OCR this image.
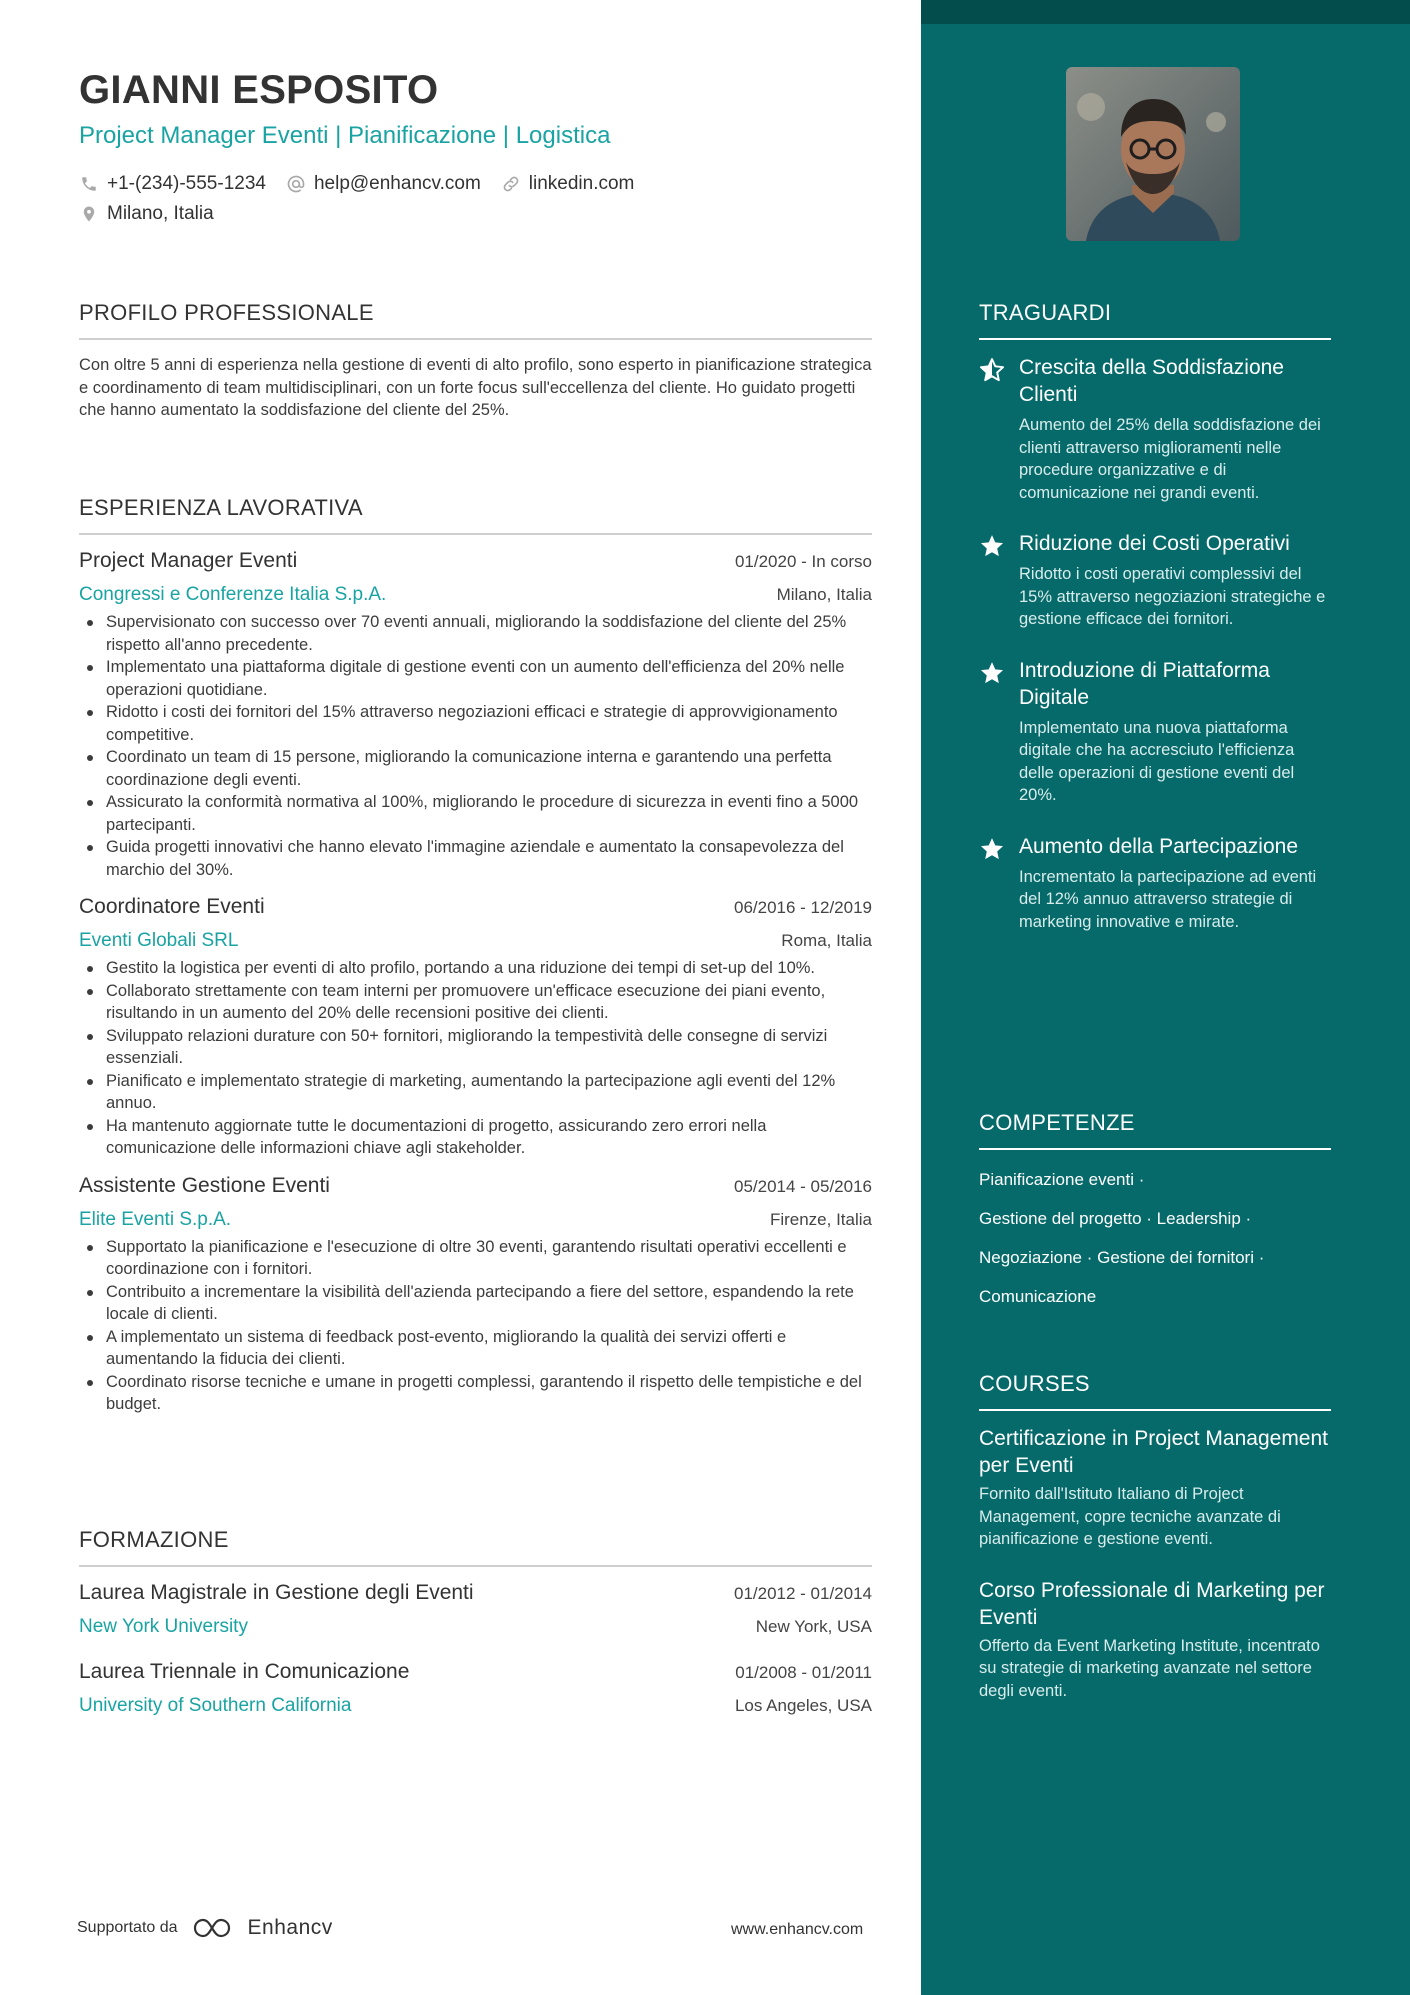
GIANNI ESPOSITO
Project Manager Eventi | Pianificazione | Logistica
+1-(234)-555-1234	help@enhancv.com	linkedin.com
Milano, Italia
PROFILO PROFESSIONALE

Con oltre 5 anni di esperienza nella gestione di eventi di alto profilo, sono esperto in pianificazione strategica e coordinamento di team multidisciplinari, con un forte focus sull'eccellenza del cliente. Ho guidato progetti che hanno aumentato la soddisfazione del cliente del 25%.

ESPERIENZA LAVORATIVA
Project Manager Eventi	01/2020 - In corso
Congressi e Conferenze Italia S.p.A.	Milano, Italia
Supervisionato con successo over 70 eventi annuali, migliorando la soddisfazione del cliente del 25% rispetto all'anno precedente.
Implementato una piattaforma digitale di gestione eventi con un aumento dell'efficienza del 20% nelle operazioni quotidiane.
Ridotto i costi dei fornitori del 15% attraverso negoziazioni efficaci e strategie di approvvigionamento competitive.
Coordinato un team di 15 persone, migliorando la comunicazione interna e garantendo una perfetta coordinazione degli eventi.
Assicurato la conformità normativa al 100%, migliorando le procedure di sicurezza in eventi fino a 5000 partecipanti.
Guida progetti innovativi che hanno elevato l'immagine aziendale e aumentato la consapevolezza del marchio del 30%.
Coordinatore Eventi	06/2016 - 12/2019
Eventi Globali SRL	Roma, Italia
Gestito la logistica per eventi di alto profilo, portando a una riduzione dei tempi di set-up del 10%.
Collaborato strettamente con team interni per promuovere un'efficace esecuzione dei piani evento, risultando in un aumento del 20% delle recensioni positive dei clienti.
Sviluppato relazioni durature con 50+ fornitori, migliorando la tempestività delle consegne di servizi essenziali.
Pianificato e implementato strategie di marketing, aumentando la partecipazione agli eventi del 12% annuo.
Ha mantenuto aggiornate tutte le documentazioni di progetto, assicurando zero errori nella comunicazione delle informazioni chiave agli stakeholder.
Assistente Gestione Eventi	05/2014 - 05/2016
Elite Eventi S.p.A.	Firenze, Italia
Supportato la pianificazione e l'esecuzione di oltre 30 eventi, garantendo risultati operativi eccellenti e coordinazione con i fornitori.
Contribuito a incrementare la visibilità dell'azienda partecipando a fiere del settore, espandendo la rete locale di clienti.
A implementato un sistema di feedback post-evento, migliorando la qualità dei servizi offerti e aumentando la fiducia dei clienti.
Coordinato risorse tecniche e umane in progetti complessi, garantendo il rispetto delle tempistiche e del budget.
FORMAZIONE
Laurea Magistrale in Gestione degli Eventi	01/2012 - 01/2014
New York University	New York, USA
Laurea Triennale in Comunicazione	01/2008 - 01/2011
University of Southern California	Los Angeles, USA
Supportato da	Enhancv	www.enhancv.com
TRAGUARDI
Crescita della Soddisfazione Clienti
Aumento del 25% della soddisfazione dei clienti attraverso miglioramenti nelle procedure organizzative e di comunicazione nei grandi eventi.
Riduzione dei Costi Operativi
Ridotto i costi operativi complessivi del 15% attraverso negoziazioni strategiche e gestione efficace dei fornitori.
Introduzione di Piattaforma Digitale
Implementato una nuova piattaforma digitale che ha accresciuto l'efficienza delle operazioni di gestione eventi del 20%.
Aumento della Partecipazione
Incrementato la partecipazione ad eventi del 12% annuo attraverso strategie di marketing innovative e mirate.
COMPETENZE
Pianificazione eventi ·
Gestione del progetto · Leadership ·
Negoziazione · Gestione dei fornitori ·
Comunicazione
COURSES
Certificazione in Project Management per Eventi
Fornito dall'Istituto Italiano di Project Management, copre tecniche avanzate di pianificazione e gestione eventi.
Corso Professionale di Marketing per Eventi
Offerto da Event Marketing Institute, incentrato su strategie di marketing avanzate nel settore degli eventi.
